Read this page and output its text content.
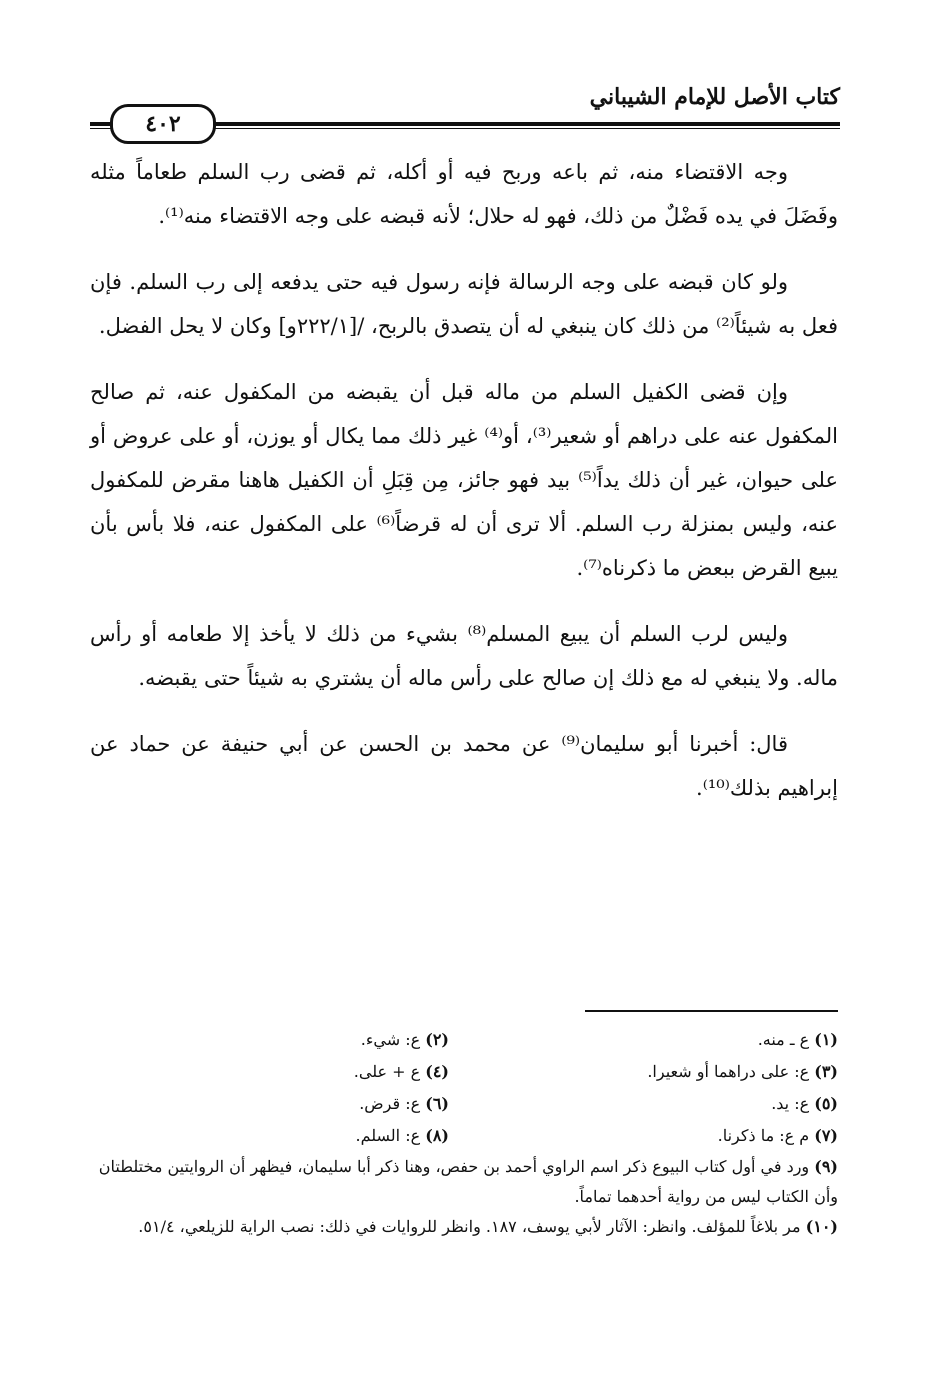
كتاب الأصل للإمام الشيباني
٤٠٢

وجه الاقتضاء منه، ثم باعه وربح فيه أو أكله، ثم قضى رب السلم طعاماً مثله وفَضَلَ في يده فَضْلٌ من ذلك، فهو له حلال؛ لأنه قبضه على وجه الاقتضاء منه⁽¹⁾.

ولو كان قبضه على وجه الرسالة فإنه رسول فيه حتى يدفعه إلى رب السلم. فإن فعل به شيئاً⁽²⁾ من ذلك كان ينبغي له أن يتصدق بالربح، /[٢٢٢/١و] وكان لا يحل الفضل.

وإن قضى الكفيل السلم من ماله قبل أن يقبضه من المكفول عنه، ثم صالح المكفول عنه على دراهم أو شعير⁽³⁾، أو⁽⁴⁾ غير ذلك مما يكال أو يوزن، أو على عروض أو على حيوان، غير أن ذلك يداً⁽⁵⁾ بيد فهو جائز، مِن قِبَلِ أن الكفيل هاهنا مقرض للمكفول عنه، وليس بمنزلة رب السلم. ألا ترى أن له قرضاً⁽⁶⁾ على المكفول عنه، فلا بأس بأن يبيع القرض ببعض ما ذكرناه⁽⁷⁾.

وليس لرب السلم أن يبيع المسلم⁽⁸⁾ بشيء من ذلك لا يأخذ إلا طعامه أو رأس ماله. ولا ينبغي له مع ذلك إن صالح على رأس ماله أن يشتري به شيئاً حتى يقبضه.

قال: أخبرنا أبو سليمان⁽⁹⁾ عن محمد بن الحسن عن أبي حنيفة عن حماد عن إبراهيم بذلك⁽¹⁰⁾.

(١) ع ـ منه.
(٢) ع: شيء.
(٣) ع: على دراهما أو شعيرا.
(٤) ع + على.
(٥) ع: يد.
(٦) ع: قرض.
(٧) م ع: ما ذكرنا.
(٨) ع: السلم.
(٩) ورد في أول كتاب البيوع ذكر اسم الراوي أحمد بن حفص، وهنا ذكر أبا سليمان، فيظهر أن الروايتين مختلطتان وأن الكتاب ليس من رواية أحدهما تماماً.
(١٠) مر بلاغاً للمؤلف. وانظر: الآثار لأبي يوسف، ١٨٧. وانظر للروايات في ذلك: نصب الراية للزيلعي، ٥١/٤.
